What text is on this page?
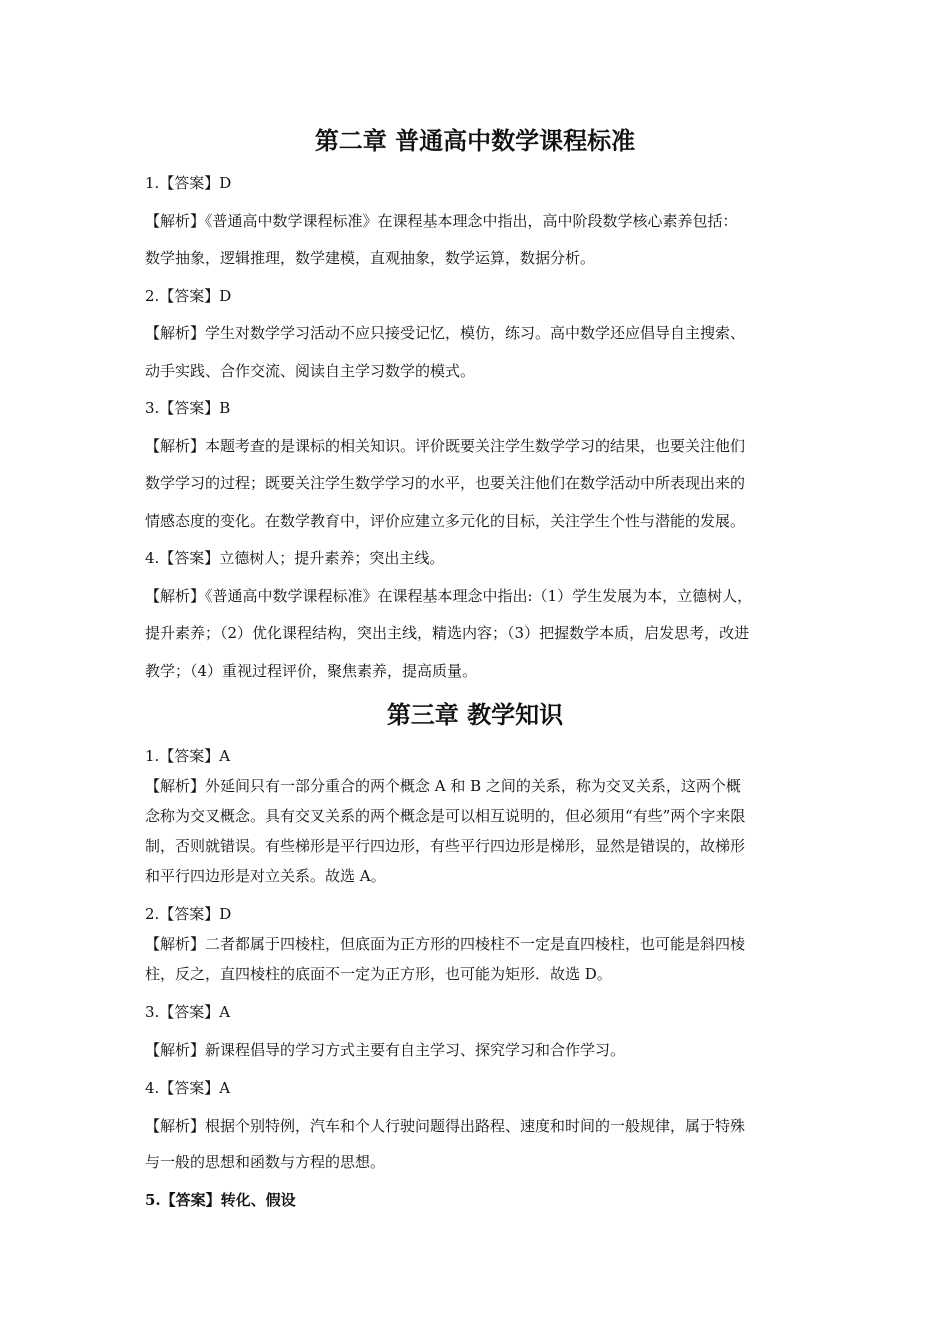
第二章 普通高中数学课程标准

1.【答案】D

【解析】《普通高中数学课程标准》在课程基本理念中指出，高中阶段数学核心素养包括：

数学抽象，逻辑推理，数学建模，直观抽象，数学运算，数据分析。

2.【答案】D

【解析】学生对数学学习活动不应只接受记忆，模仿，练习。高中数学还应倡导自主搜索、

动手实践、合作交流、阅读自主学习数学的模式。

3.【答案】B

【解析】本题考查的是课标的相关知识。评价既要关注学生数学学习的结果，也要关注他们

数学学习的过程；既要关注学生数学学习的水平，也要关注他们在数学活动中所表现出来的

情感态度的变化。在数学教育中，评价应建立多元化的目标，关注学生个性与潜能的发展。

4.【答案】立德树人；提升素养；突出主线。

【解析】《普通高中数学课程标准》在课程基本理念中指出:（1）学生发展为本，立德树人，

提升素养；（2）优化课程结构，突出主线，精选内容；（3）把握数学本质，启发思考，改进

教学；（4）重视过程评价，聚焦素养，提高质量。

第三章 教学知识

1.【答案】A

【解析】外延间只有一部分重合的两个概念 A 和 B 之间的关系，称为交叉关系，这两个概

念称为交叉概念。具有交叉关系的两个概念是可以相互说明的，但必须用“有些”两个字来限

制，否则就错误。有些梯形是平行四边形，有些平行四边形是梯形，显然是错误的，故梯形

和平行四边形是对立关系。故选 A。

2.【答案】D

【解析】二者都属于四棱柱，但底面为正方形的四棱柱不一定是直四棱柱，也可能是斜四棱

柱，反之，直四棱柱的底面不一定为正方形，也可能为矩形．故选 D。

3.【答案】A

【解析】新课程倡导的学习方式主要有自主学习、探究学习和合作学习。

4.【答案】A

【解析】根据个别特例，汽车和个人行驶问题得出路程、速度和时间的一般规律，属于特殊

与一般的思想和函数与方程的思想。

5.【答案】转化、假设
